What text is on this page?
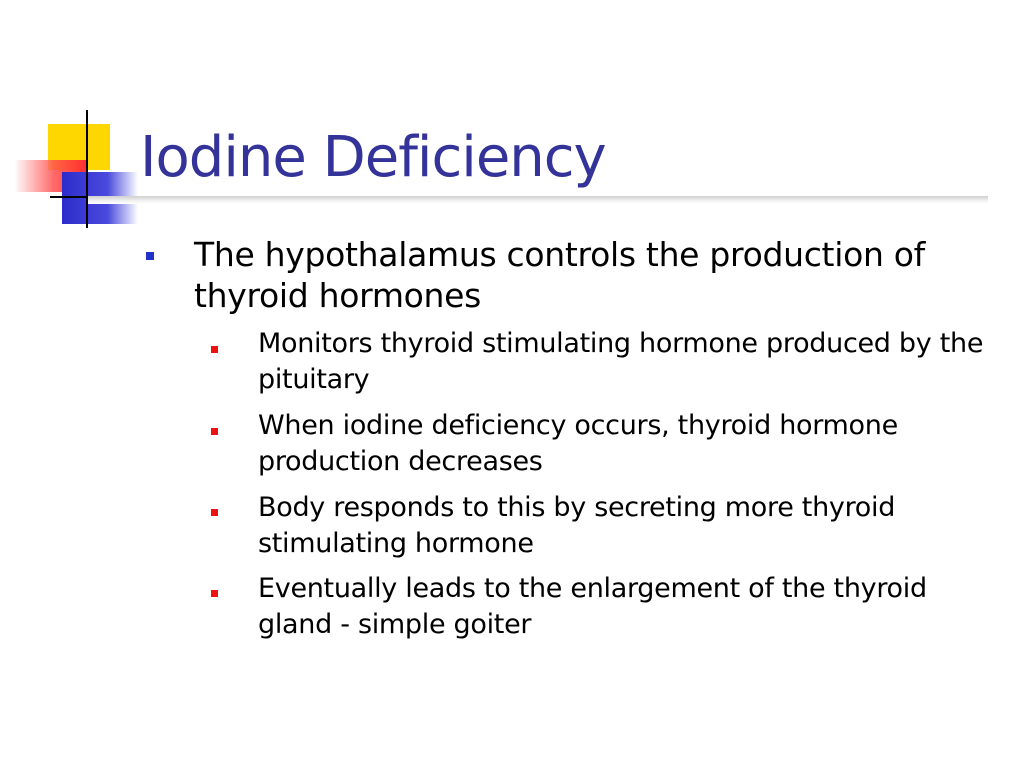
Iodine Deficiency
The hypothalamus controls the production of thyroid hormones
Monitors thyroid stimulating hormone produced by the pituitary
When iodine deficiency occurs, thyroid hormone production decreases
Body responds to this by secreting more thyroid stimulating hormone
Eventually leads to the enlargement of the thyroid gland - simple goiter
